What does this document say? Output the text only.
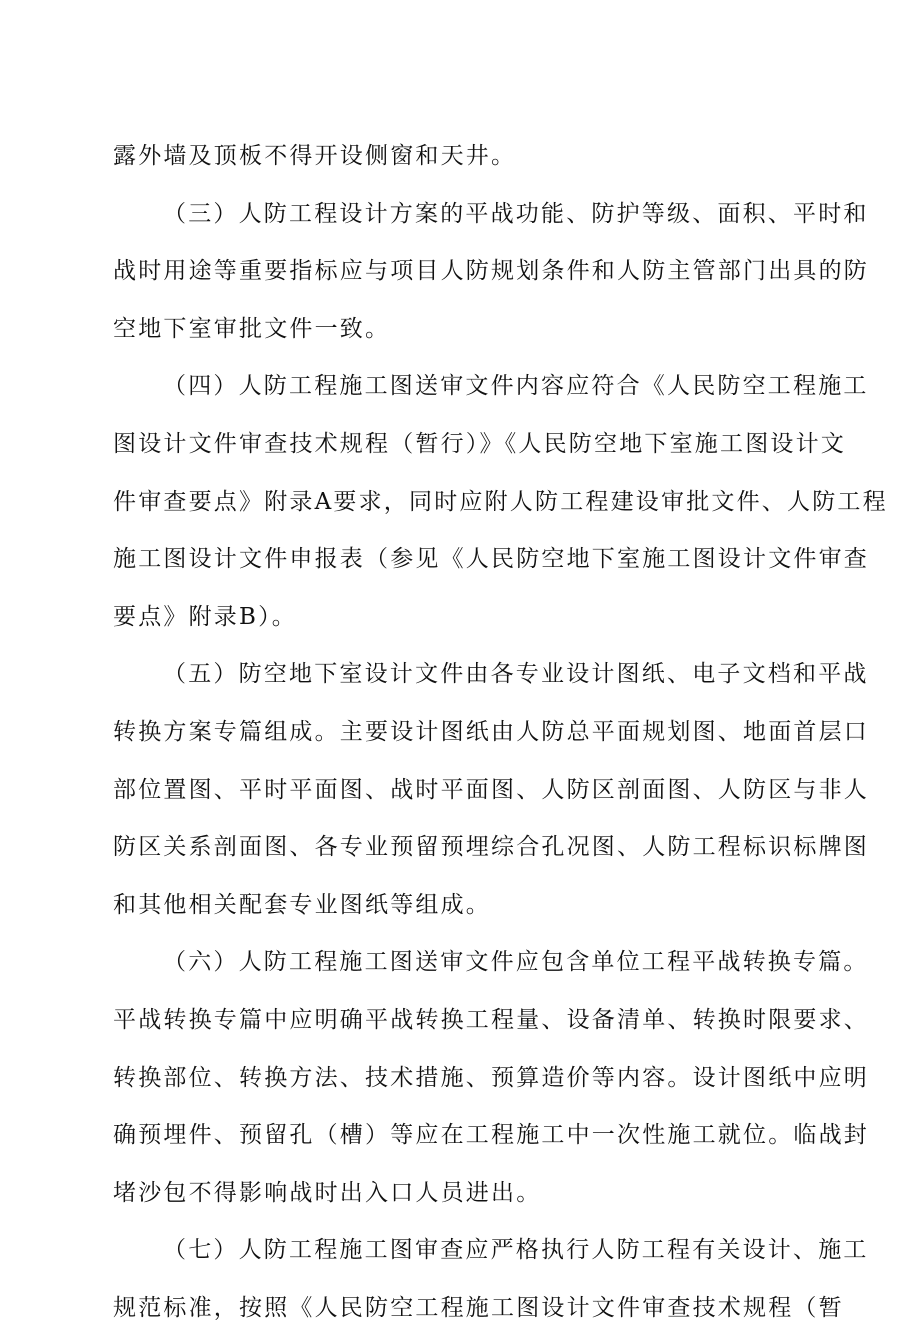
露外墙及顶板不得开设侧窗和天井。
（三）人防工程设计方案的平战功能、防护等级、面积、平时和
战时用途等重要指标应与项目人防规划条件和人防主管部门出具的防
空地下室审批文件一致。
（四）人防工程施工图送审文件内容应符合《人民防空工程施工
图设计文件审查技术规程（暂行）》《人民防空地下室施工图设计文
件审查要点》附录A要求，同时应附人防工程建设审批文件、人防工程
施工图设计文件申报表（参见《人民防空地下室施工图设计文件审查
要点》附录B）。
（五）防空地下室设计文件由各专业设计图纸、电子文档和平战
转换方案专篇组成。主要设计图纸由人防总平面规划图、地面首层口
部位置图、平时平面图、战时平面图、人防区剖面图、人防区与非人
防区关系剖面图、各专业预留预埋综合孔况图、人防工程标识标牌图
和其他相关配套专业图纸等组成。
（六）人防工程施工图送审文件应包含单位工程平战转换专篇。
平战转换专篇中应明确平战转换工程量、设备清单、转换时限要求、
转换部位、转换方法、技术措施、预算造价等内容。设计图纸中应明
确预埋件、预留孔（槽）等应在工程施工中一次性施工就位。临战封
堵沙包不得影响战时出入口人员进出。
（七）人防工程施工图审查应严格执行人防工程有关设计、施工
规范标准，按照《人民防空工程施工图设计文件审查技术规程（暂
